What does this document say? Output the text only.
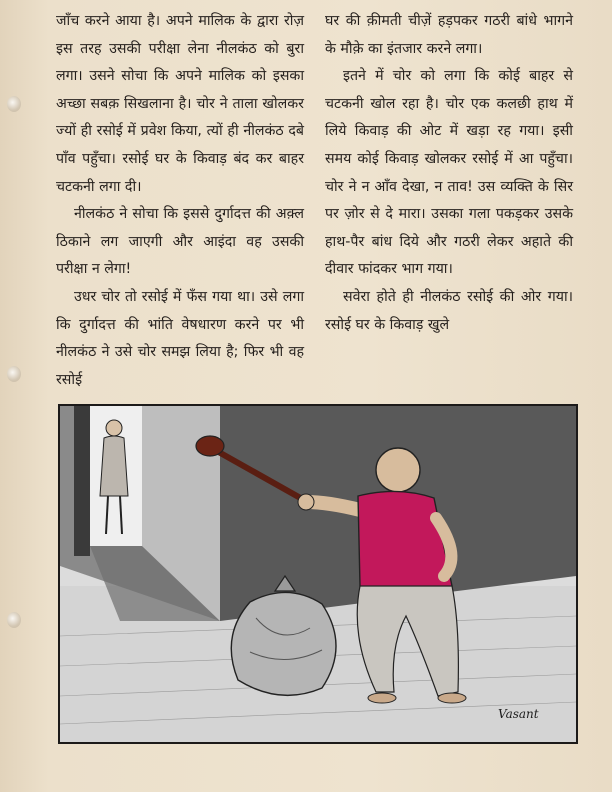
जाँच करने आया है। अपने मालिक के द्वारा रोज़ इस तरह उसकी परीक्षा लेना नीलकंठ को बुरा लगा। उसने सोचा कि अपने मालिक को इसका अच्छा सबक़ सिखलाना है। चोर ने ताला खोलकर ज्यों ही रसोई में प्रवेश किया, त्यों ही नीलकंठ दबे पाँव पहुँचा। रसोई घर के किवाड़ बंद कर बाहर चटकनी लगा दी।

नीलकंठ ने सोचा कि इससे दुर्गादत्त की अक़्ल ठिकाने लग जाएगी और आइंदा वह उसकी परीक्षा न लेगा!

उधर चोर तो रसोई में फँस गया था। उसे लगा कि दुर्गादत्त की भांति वेषधारण करने पर भी नीलकंठ ने उसे चोर समझ लिया है; फिर भी वह रसोई

घर की क़ीमती चीज़ें हड़पकर गठरी बांधे भागने के मौक़े का इंतजार करने लगा।

इतने में चोर को लगा कि कोई बाहर से चटकनी खोल रहा है। चोर एक कलछी हाथ में लिये किवाड़ की ओट में खड़ा रह गया। इसी समय कोई किवाड़ खोलकर रसोई में आ पहुँचा। चोर ने न आँव देखा, न ताव! उस व्यक्ति के सिर पर ज़ोर से दे मारा। उसका गला पकड़कर उसके हाथ-पैर बांध दिये और गठरी लेकर अहाते की दीवार फांदकर भाग गया।

सवेरा होते ही नीलकंठ रसोई की ओर गया। रसोई घर के किवाड़ खुले

Vasant
